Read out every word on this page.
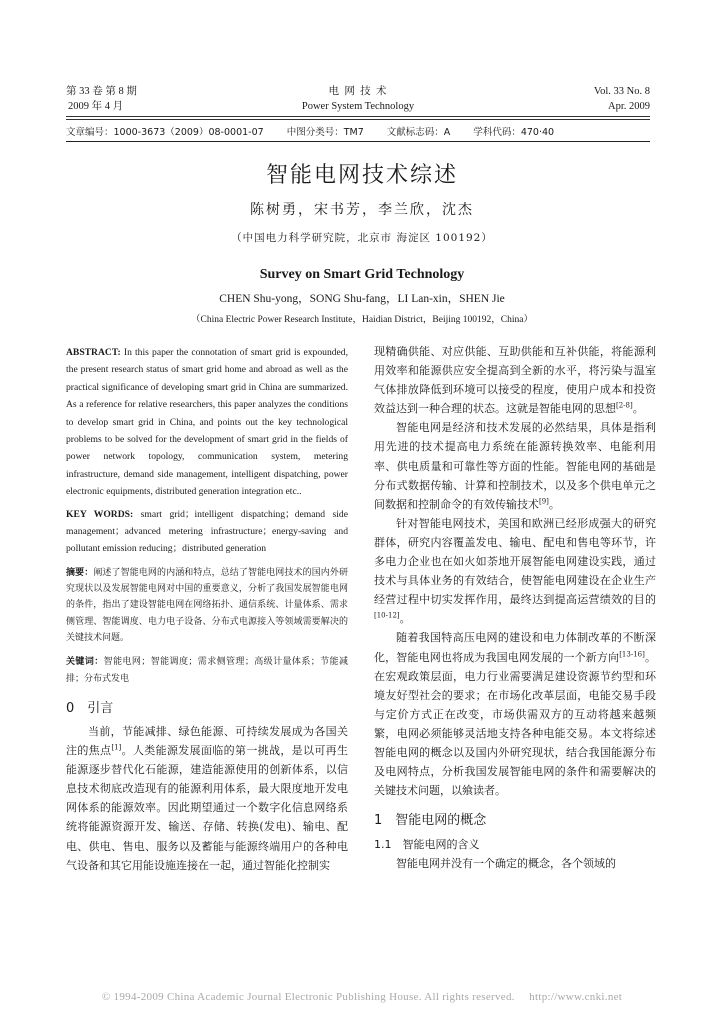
第 33 卷 第 8 期
2009 年 4 月
电 网 技 术
Power System Technology
Vol. 33 No. 8
Apr. 2009
文章编号：1000-3673（2009）08-0001-07 中图分类号：TM7 文献标志码：A 学科代码：470·40
智能电网技术综述
陈树勇，宋书芳，李兰欣，沈杰
（中国电力科学研究院，北京市 海淀区 100192）
Survey on Smart Grid Technology
CHEN Shu-yong，SONG Shu-fang，LI Lan-xin，SHEN Jie
（China Electric Power Research Institute，Haidian District，Beijing 100192，China）

ABSTRACT: In this paper the connotation of smart grid is expounded, the present research status of smart grid home and abroad as well as the practical significance of developing smart grid in China are summarized. As a reference for relative researchers, this paper analyzes the conditions to develop smart grid in China, and points out the key technological problems to be solved for the development of smart grid in the fields of power network topology, communication system, metering infrastructure, demand side management, intelligent dispatching, power electronic equipments, distributed generation integration etc..

KEY WORDS: smart grid；intelligent dispatching；demand side management；advanced metering infrastructure；energy-saving and pollutant emission reducing；distributed generation

摘要：阐述了智能电网的内涵和特点，总结了智能电网技术的国内外研究现状以及发展智能电网对中国的重要意义，分析了我国发展智能电网的条件，指出了建设智能电网在网络拓扑、通信系统、计量体系、需求侧管理、智能调度、电力电子设备、分布式电源接入等领域需要解决的关键技术问题。

关键词：智能电网；智能调度；需求侧管理；高级计量体系；节能减排；分布式发电

0　引言

当前，节能减排、绿色能源、可持续发展成为各国关注的焦点[1]。人类能源发展面临的第一挑战，是以可再生能源逐步替代化石能源，建造能源使用的创新体系，以信息技术彻底改造现有的能源利用体系，最大限度地开发电网体系的能源效率。因此期望通过一个数字化信息网络系统将能源资源开发、输送、存储、转换(发电)、输电、配电、供电、售电、服务以及蓄能与能源终端用户的各种电气设备和其它用能设施连接在一起，通过智能化控制实

现精确供能、对应供能、互助供能和互补供能，将能源利用效率和能源供应安全提高到全新的水平，将污染与温室气体排放降低到环境可以接受的程度，使用户成本和投资效益达到一种合理的状态。这就是智能电网的思想[2-8]。

智能电网是经济和技术发展的必然结果，具体是指利用先进的技术提高电力系统在能源转换效率、电能利用率、供电质量和可靠性等方面的性能。智能电网的基础是分布式数据传输、计算和控制技术，以及多个供电单元之间数据和控制命令的有效传输技术[9]。

针对智能电网技术，美国和欧洲已经形成强大的研究群体，研究内容覆盖发电、输电、配电和售电等环节，许多电力企业也在如火如荼地开展智能电网建设实践，通过技术与具体业务的有效结合，使智能电网建设在企业生产经营过程中切实发挥作用，最终达到提高运营绩效的目的[10-12]。

随着我国特高压电网的建设和电力体制改革的不断深化，智能电网也将成为我国电网发展的一个新方向[13-16]。在宏观政策层面，电力行业需要满足建设资源节约型和环境友好型社会的要求；在市场化改革层面，电能交易手段与定价方式正在改变，市场供需双方的互动将越来越频繁，电网必须能够灵活地支持各种电能交易。本文将综述智能电网的概念以及国内外研究现状，结合我国能源分布及电网特点，分析我国发展智能电网的条件和需要解决的关键技术问题，以飨读者。

1　智能电网的概念

1.1　智能电网的含义

智能电网并没有一个确定的概念，各个领域的

© 1994-2009 China Academic Journal Electronic Publishing House. All rights reserved.　 http://www.cnki.net
